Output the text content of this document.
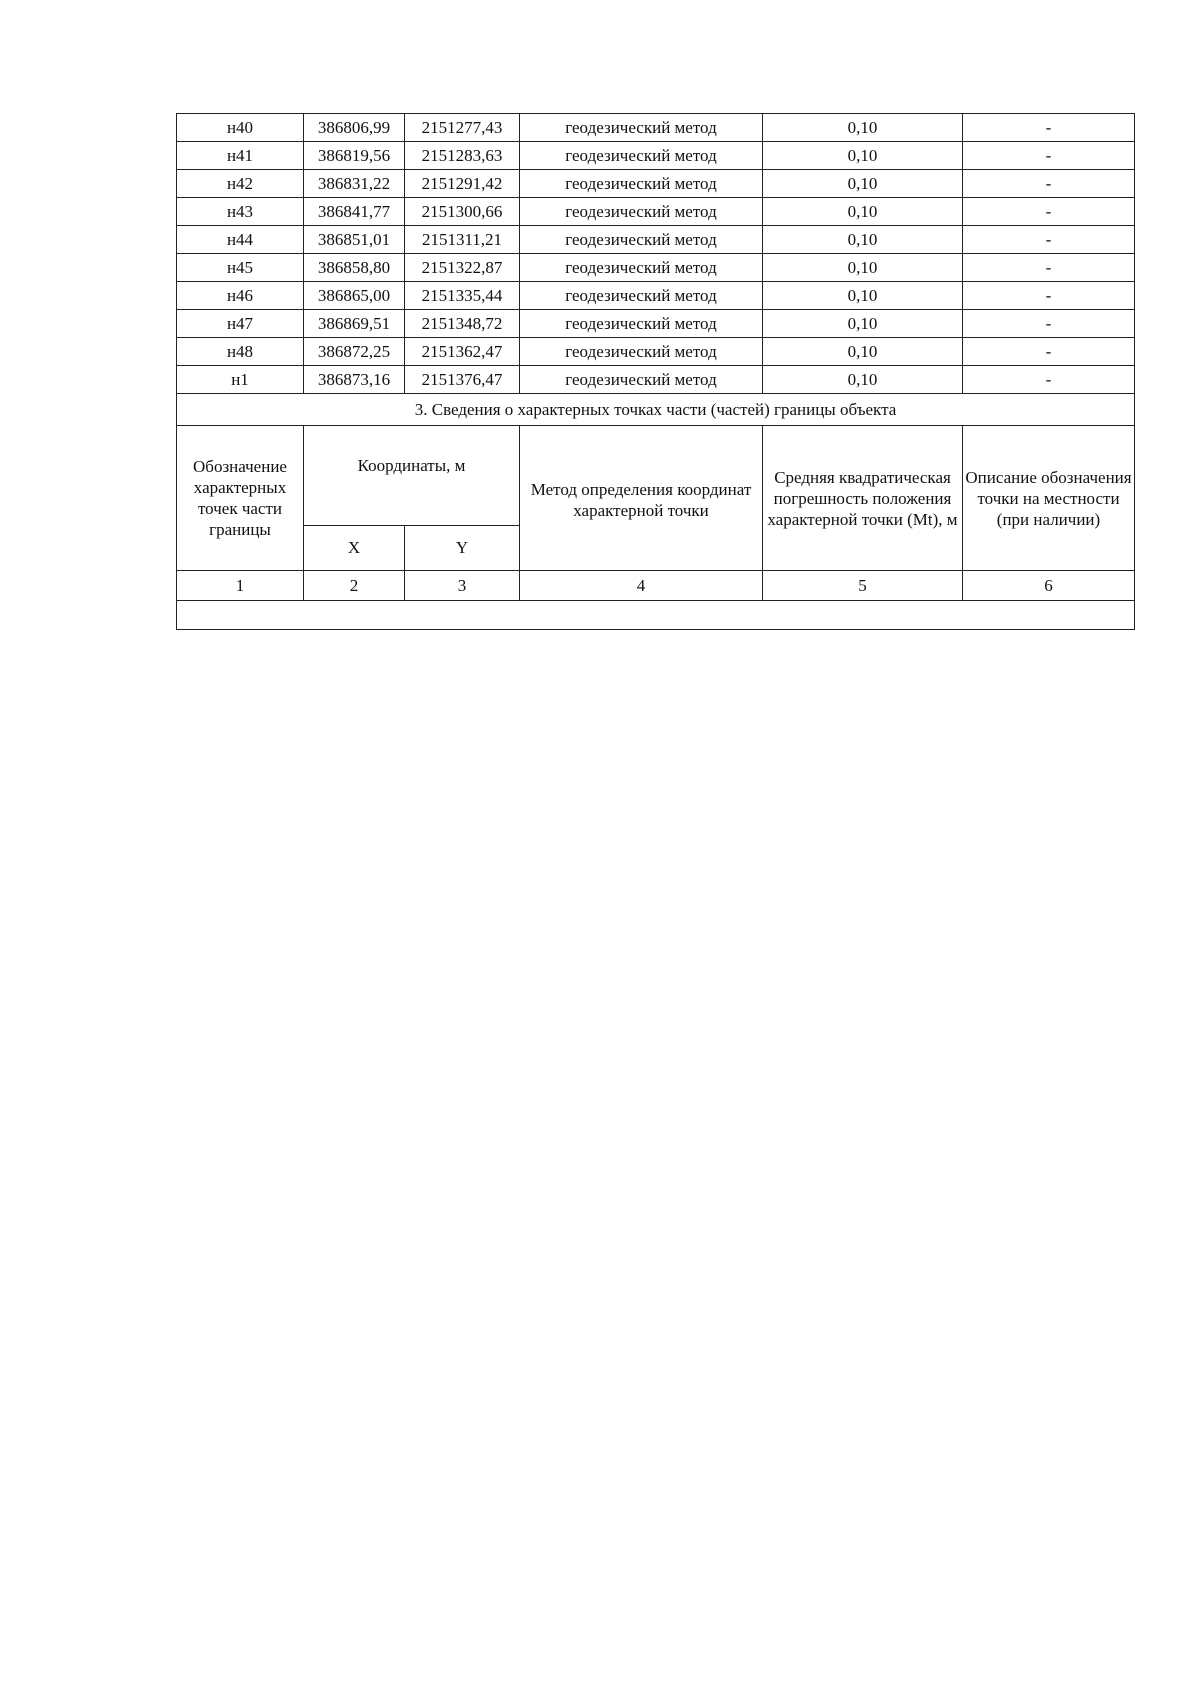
н40	386806,99	2151277,43	геодезический метод	0,10	-
н41	386819,56	2151283,63	геодезический метод	0,10	-
н42	386831,22	2151291,42	геодезический метод	0,10	-
н43	386841,77	2151300,66	геодезический метод	0,10	-
н44	386851,01	2151311,21	геодезический метод	0,10	-
н45	386858,80	2151322,87	геодезический метод	0,10	-
н46	386865,00	2151335,44	геодезический метод	0,10	-
н47	386869,51	2151348,72	геодезический метод	0,10	-
н48	386872,25	2151362,47	геодезический метод	0,10	-
н1	386873,16	2151376,47	геодезический метод	0,10	-
3. Сведения о характерных точках части (частей) границы объекта					

Обозначение характерных точек части границы	Координаты, м		Метод определения координат характерной точки	Средняя квадратическая погрешность положения характерной точки (Mt), м	Описание обозначения точки на местности (при наличии)

	X	Y			
1	2	3	4	5	6
